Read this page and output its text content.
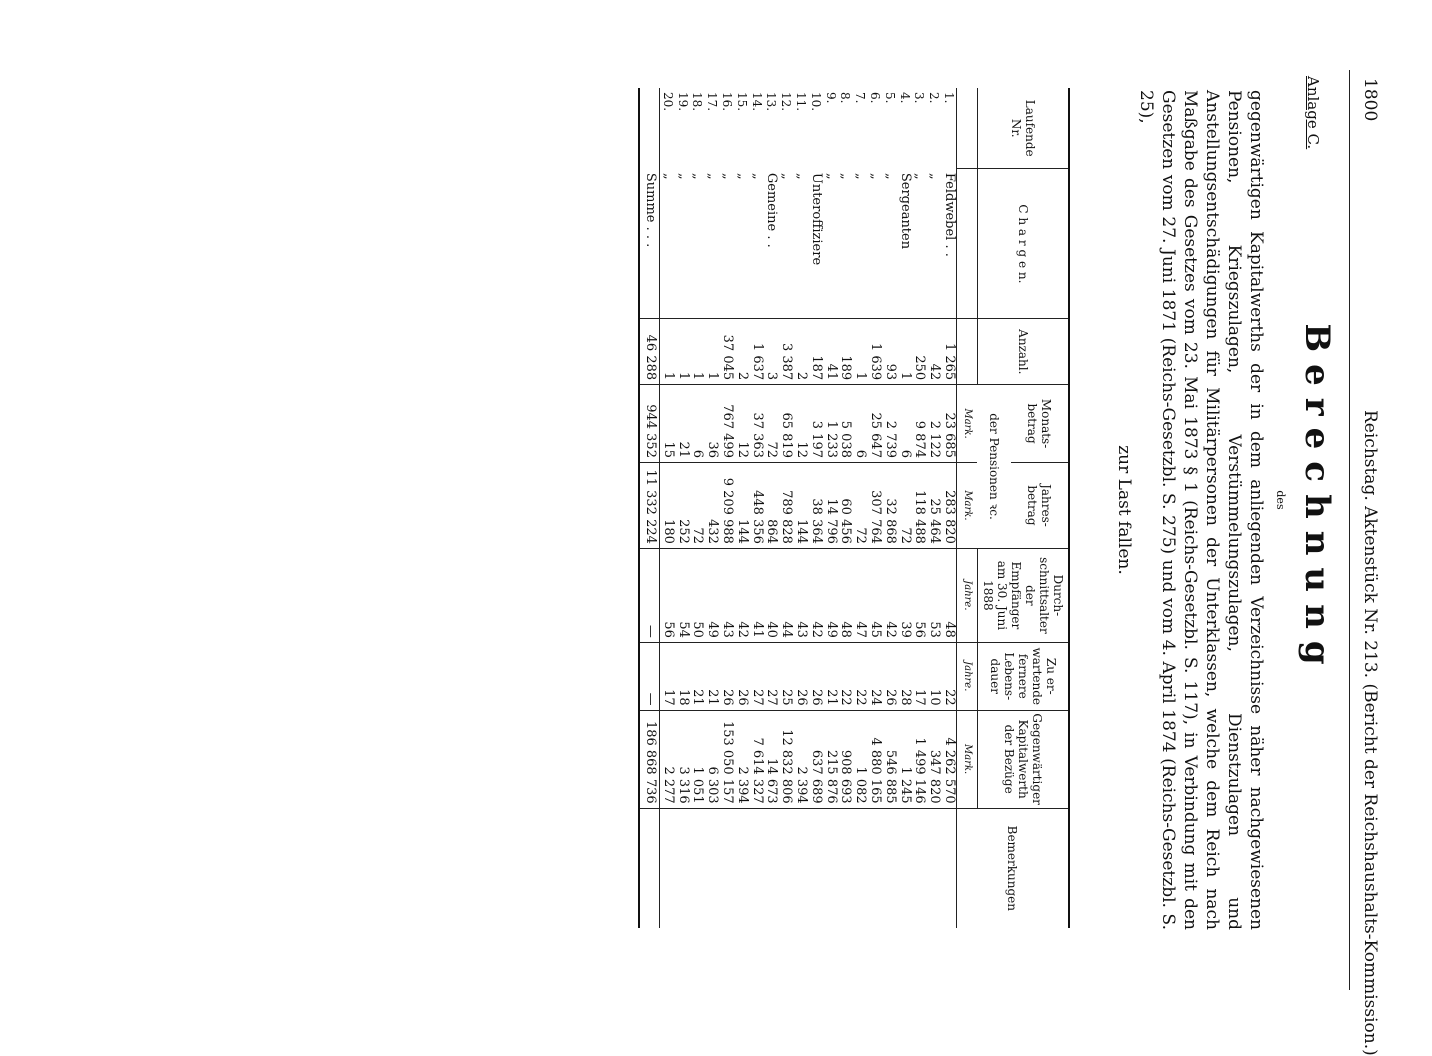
1800
Reichstag. Aktenstück Nr. 213. (Bericht der Reichshaushalts-Kommission.)
Anlage C.
Berechnung
des
gegenwärtigen Kapitalwerths der in dem anliegenden Verzeichnisse näher nachgewiesenen Pensionen, Kriegszulagen, Verstümmelungszulagen, Dienstzulagen und Anstellungsentschädigungen für Militärpersonen der Unterklassen, welche dem Reich nach Maßgabe des Gesetzes vom 23. Mai 1873 § 1 (Reichs-Gesetzbl. S. 117), in Verbindung mit den Gesetzen vom 27. Juni 1871 (Reichs-Gesetzbl. S. 275) und vom 4. April 1874 (Reichs-Gesetzbl. S. 25),
zur Last fallen.
Laufende Nr.	C h a r g e n.	Anzahl.	Monats-betrag	Jahres-betrag	Durch-schnittsalter der Empfänger am 30. Juni 1888	Zu er-wartende fernere Lebens-dauer	Gegenwärtiger Kapitalwerth der Bezüge	Bemerkungen
			der Pensionen ꝛc.					
			Mark.	Mark.	Jahre.	Jahre.	Mark.	
1.	Feldwebel . .	1 265	23 685	283 820	48	22	4 262 570	
2.	„	42	2 122	25 464	53	10	347 820	
3.	„	250	9 874	118 488	56	17	1 499 146	
4.	Sergeanten	1	6	72	39	28	1 245	
5.	„	93	2 739	32 868	42	26	546 885	
6.	„	1 639	25 647	307 764	45	24	4 880 165	
7.	„	1	6	72	47	22	1 082	
8.	„	189	5 038	60 456	48	22	908 693	
9.	„	41	1 233	14 796	49	21	215 876	
10.	Unteroffiziere	187	3 197	38 364	42	26	637 689	
11.	„	2	12	144	43	26	2 394	
12.	„	3 387	65 819	789 828	44	25	12 832 806	
13.	Gemeine . .	3	72	864	40	27	14 673	
14.	„	1 637	37 363	448 356	41	27	7 614 327	
15.	„	2	12	144	42	26	2 394	
16.	„	37 045	767 499	9 209 988	43	26	153 050 157	
17.	„	1	36	432	49	21	6 303	
18.	„	1	6	72	50	21	1 051	
19.	„	1	21	252	54	18	3 316	
20.	„	1	15	180	56	17	2 277	
	Summe . . .	46 288	944 352	11 332 224	—	—	186 868 736	
